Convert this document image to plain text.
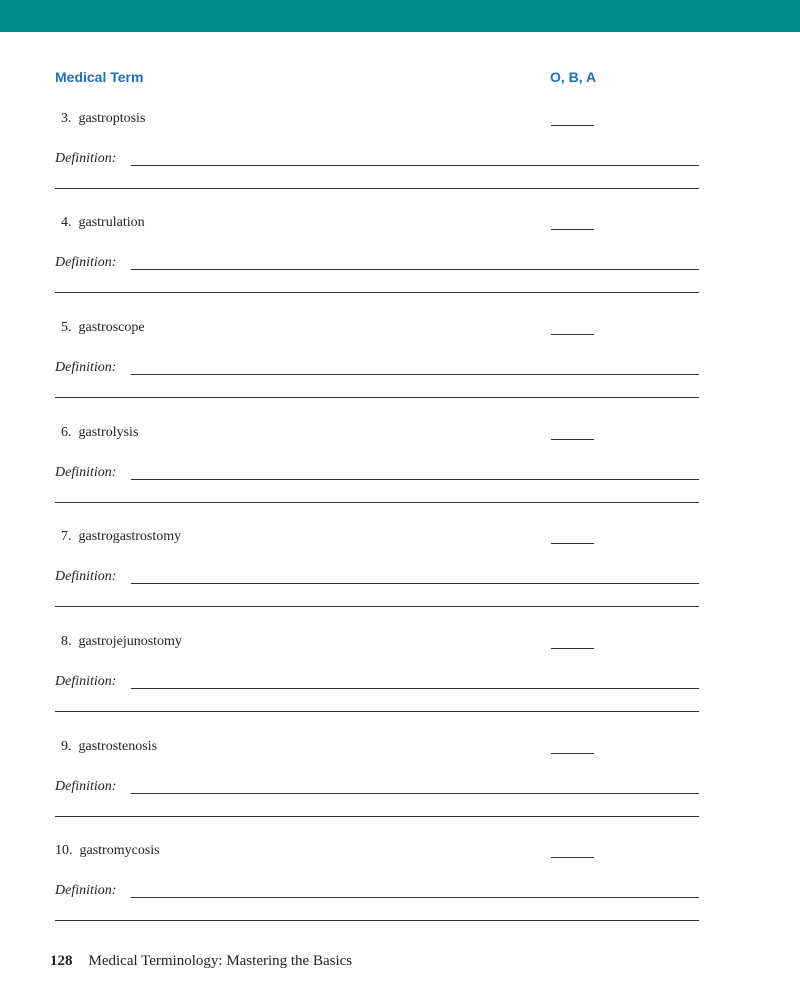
Medical Term	O, B, A
3. gastroptosis
Definition:
4. gastrulation
Definition:
5. gastroscope
Definition:
6. gastrolysis
Definition:
7. gastrogastrostomy
Definition:
8. gastrojejunostomy
Definition:
9. gastrostenosis
Definition:
10. gastromycosis
Definition:
128 Medical Terminology: Mastering the Basics
